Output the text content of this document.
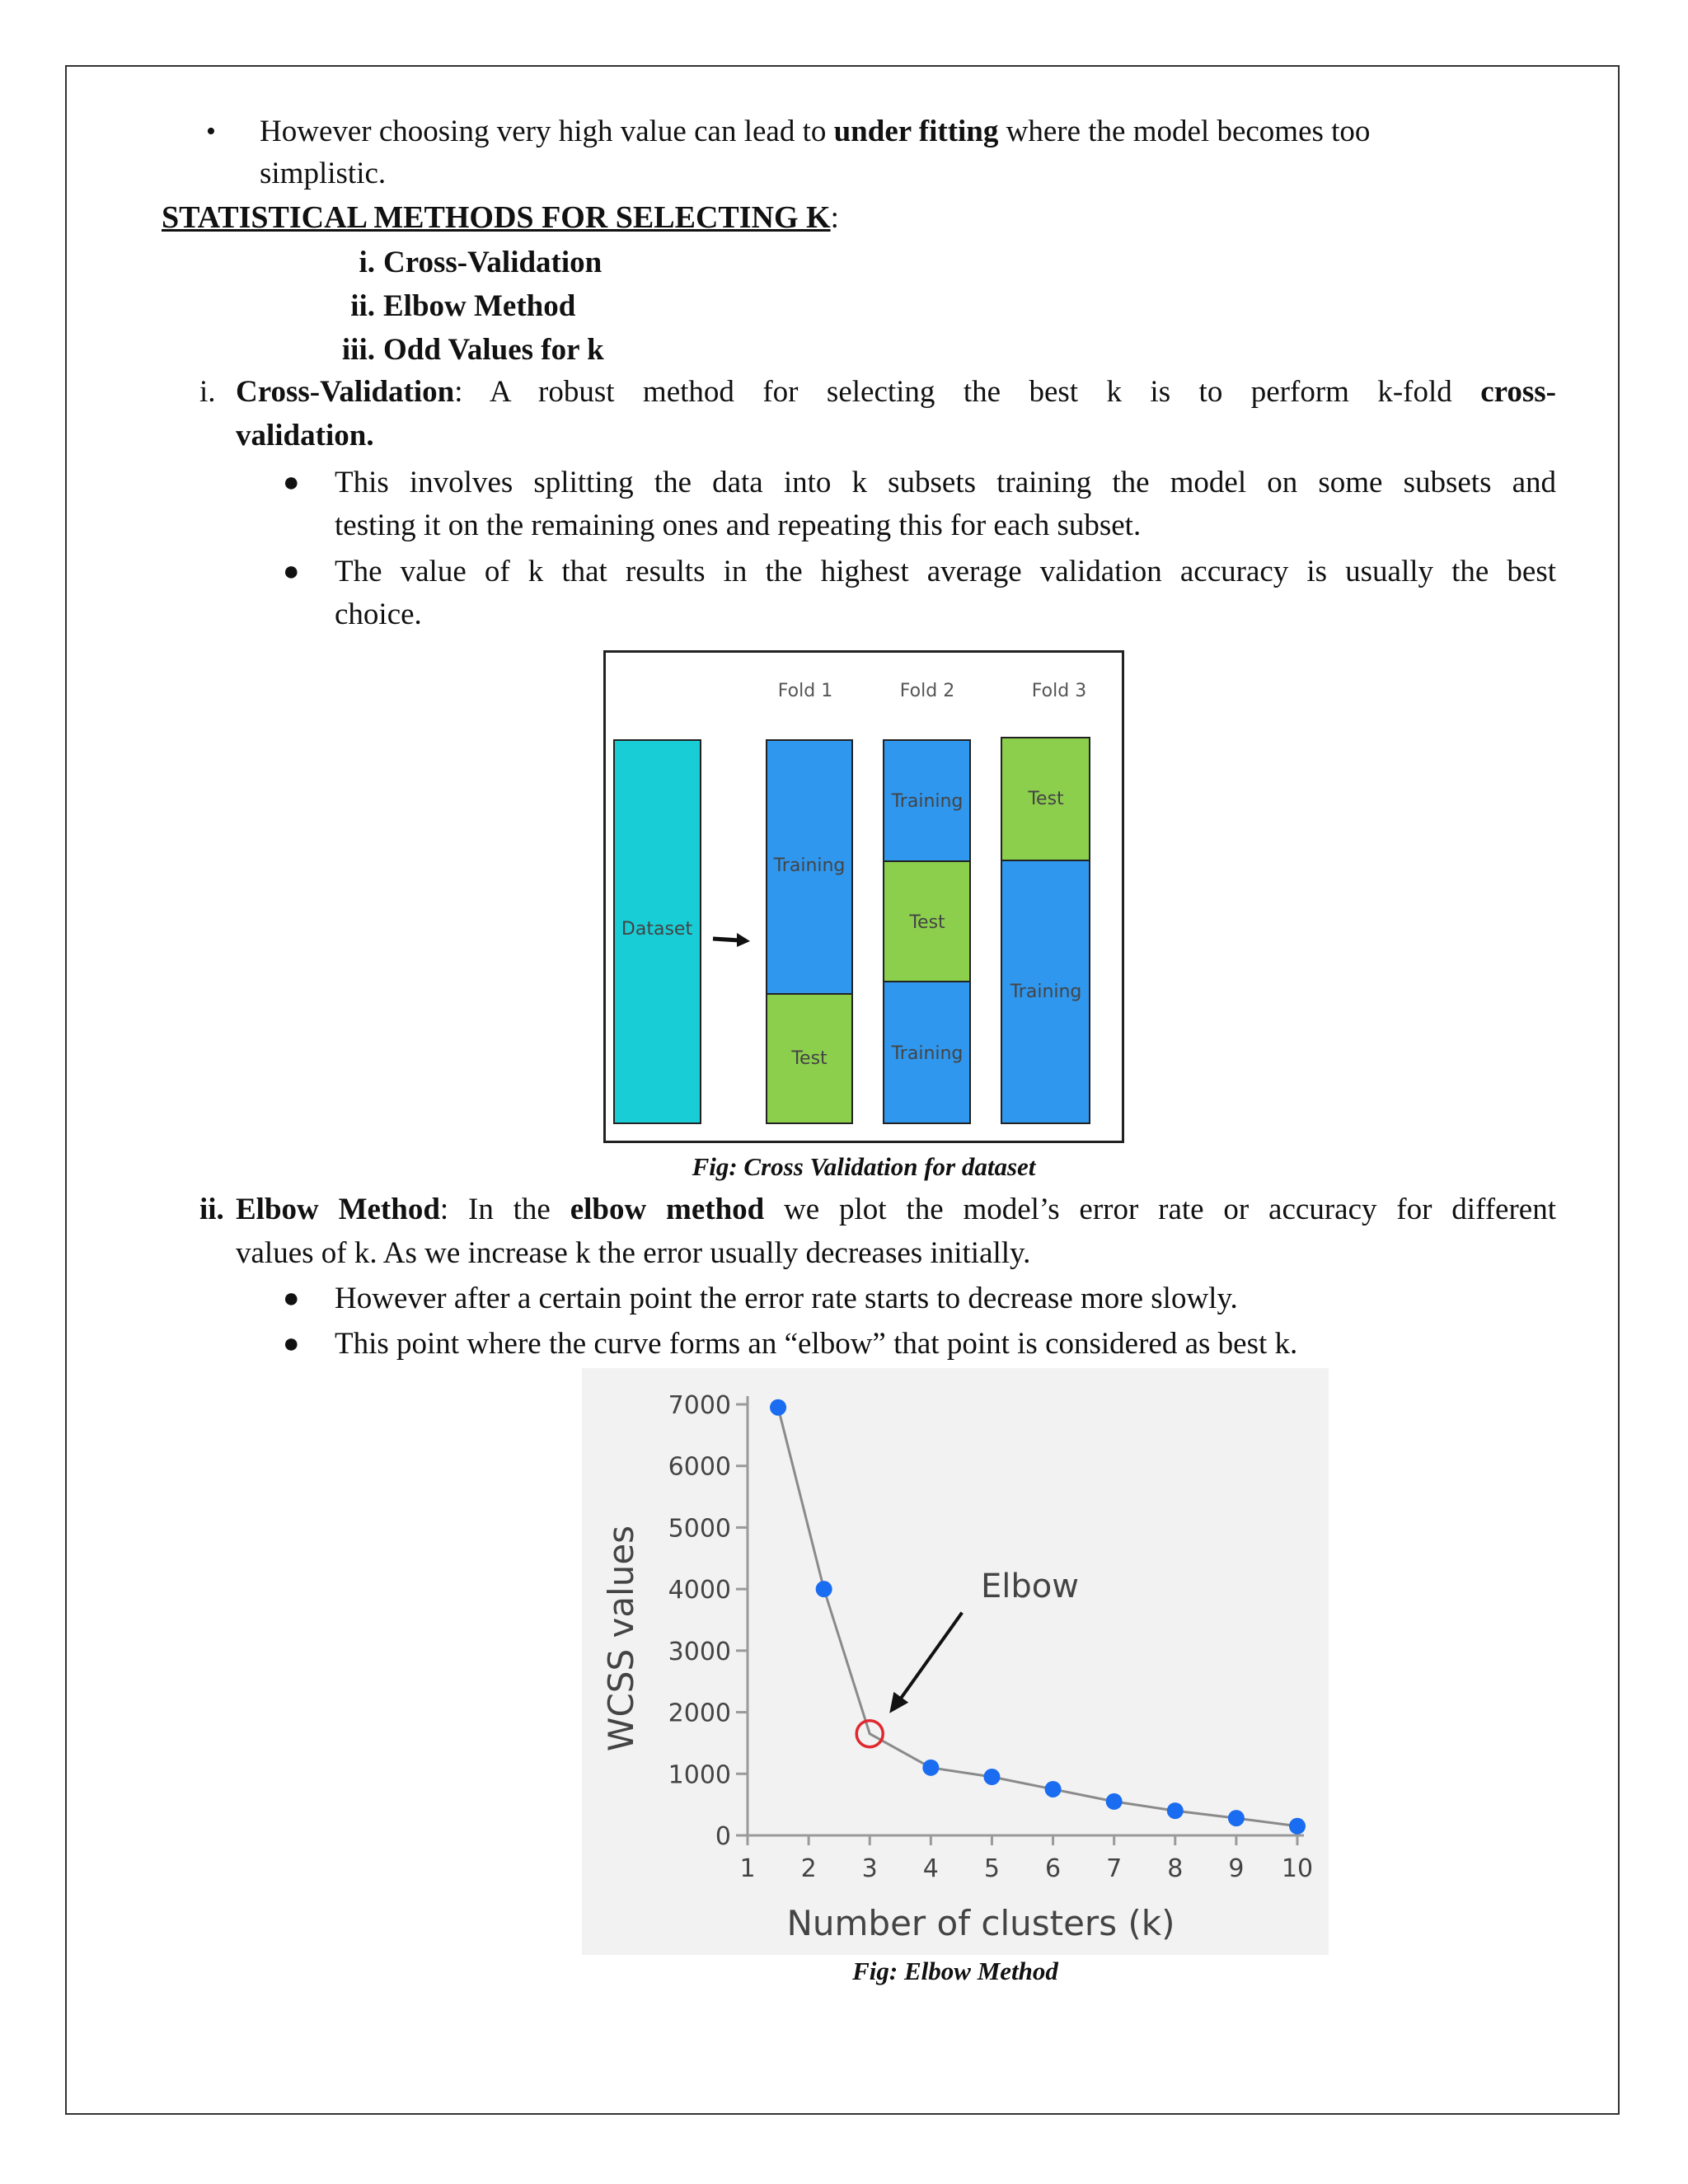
• However choosing very high value can lead to under fitting where the model becomes too
simplistic.
STATISTICAL METHODS FOR SELECTING K:
i. Cross-Validation
ii. Elbow Method
iii. Odd Values for k
i. Cross-Validation: A robust method for selecting the best k is to perform k-fold cross-
validation.
● This involves splitting the data into k subsets training the model on some subsets and
testing it on the remaining ones and repeating this for each subset.
● The value of k that results in the highest average validation accuracy is usually the best
choice.
Fold 1	Fold 2	Fold 3
Dataset
Training
Test
Training
Test
Training
Test
Training
Fig: Cross Validation for dataset
ii. Elbow Method: In the elbow method we plot the model’s error rate or accuracy for different
values of k. As we increase k the error usually decreases initially.
● However after a certain point the error rate starts to decrease more slowly.
● This point where the curve forms an “elbow” that point is considered as best k.
0
1000
2000
3000
4000
5000
6000
7000
1 2 3 4 5 6 7 8 9 10
Elbow
Number of clusters (k)
WCSS values
Fig: Elbow Method
